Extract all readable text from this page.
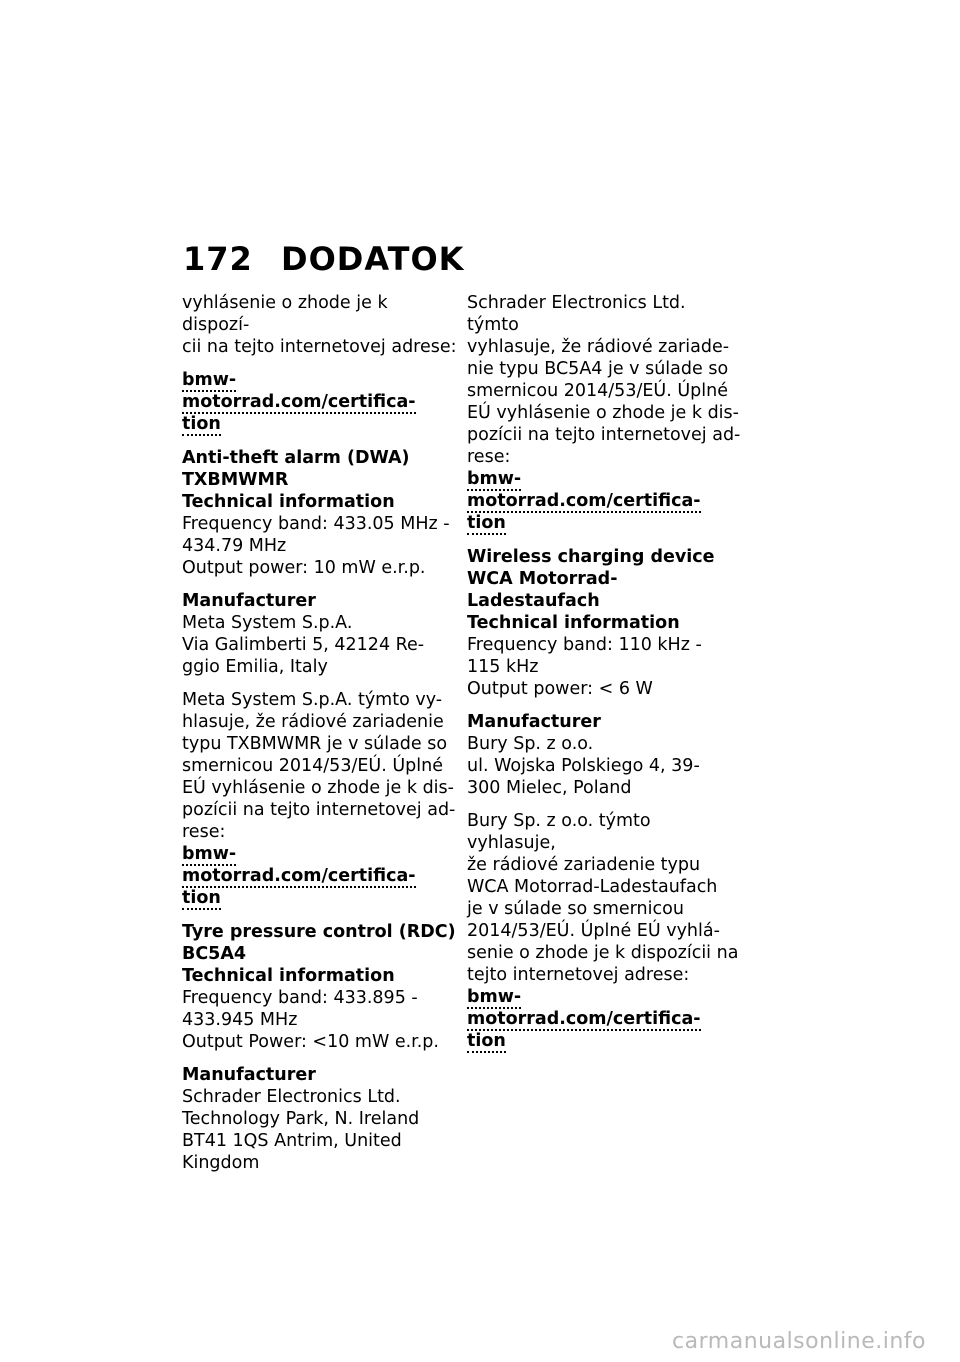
172 DODATOK

vyhlásenie o zhode je k dispozí-
cii na tejto internetovej adrese:

bmw-motorrad.com/certifica-
tion
Anti-theft alarm (DWA)
TXBMWMR
Technical information
Frequency band: 433.05 MHz -
434.79 MHz
Output power: 10 mW e.r.p.
Manufacturer
Meta System S.p.A.
Via Galimberti 5, 42124 Re-
ggio Emilia, Italy

Meta System S.p.A. týmto vy-
hlasuje, že rádiové zariadenie
typu TXBMWMR je v súlade so
smernicou 2014/53/EÚ. Úplné
EÚ vyhlásenie o zhode je k dis-
pozícii na tejto internetovej ad-
rese:

bmw-motorrad.com/certifica-
tion
Tyre pressure control (RDC)
BC5A4
Technical information
Frequency band: 433.895 -
433.945 MHz
Output Power: <10 mW e.r.p.
Manufacturer
Schrader Electronics Ltd.
Technology Park, N. Ireland
BT41 1QS Antrim, United
Kingdom

Schrader Electronics Ltd. týmto
vyhlasuje, že rádiové zariade-
nie typu BC5A4 je v súlade so
smernicou 2014/53/EÚ. Úplné
EÚ vyhlásenie o zhode je k dis-
pozícii na tejto internetovej ad-
rese:

bmw-motorrad.com/certifica-
tion
Wireless charging device
WCA Motorrad-Ladestaufach
Technical information
Frequency band: 110 kHz -
115 kHz
Output power: < 6 W
Manufacturer
Bury Sp. z o.o.
ul. Wojska Polskiego 4, 39-
300 Mielec, Poland

Bury Sp. z o.o. týmto vyhlasuje,
že rádiové zariadenie typu
WCA Motorrad-Ladestaufach
je v súlade so smernicou
2014/53/EÚ. Úplné EÚ vyhlá-
senie o zhode je k dispozícii na
tejto internetovej adrese:

bmw-motorrad.com/certifica-
tion
carmanualsonline.info
